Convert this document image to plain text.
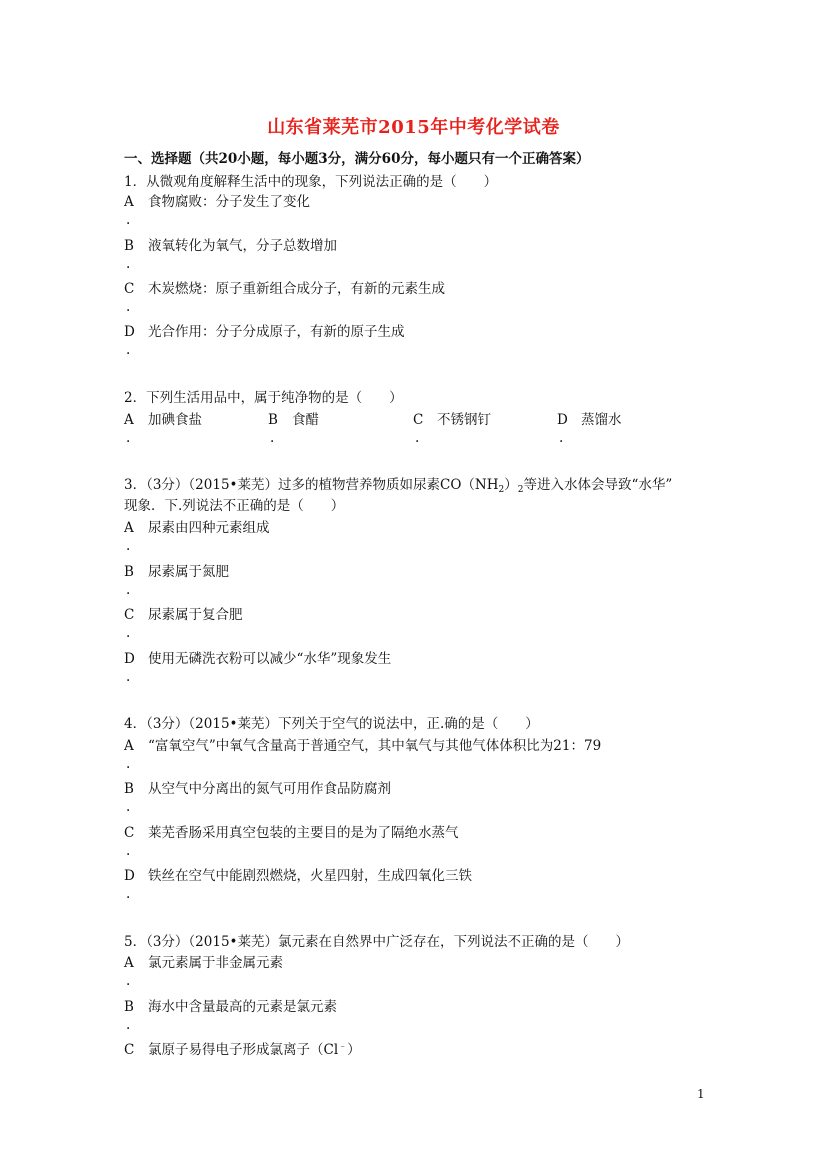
山东省莱芜市2015年中考化学试卷
一、选择题（共20小题，每小题3分，满分60分，每小题只有一个正确答案）
1．从微观角度解释生活中的现象，下列说法正确的是（　　）
A 食物腐败：分子发生了变化
.
B 液氧转化为氧气，分子总数增加
.
C 木炭燃烧：原子重新组合成分子，有新的元素生成
.
D 光合作用：分子分成原子，有新的原子生成
.
2．下列生活用品中，属于纯净物的是（　　）
A 加碘食盐
.
B 食醋
.
C 不锈钢钉
.
D 蒸馏水
.
3．（3分）（2015•莱芜）过多的植物营养物质如尿素$CO(NH_2)_2$等进入水体会导致“水华”
现象．下.列说法不正确的是（　　）
A 尿素由四种元素组成
.
B 尿素属于氮肥
.
C 尿素属于复合肥
.
D 使用无磷洗衣粉可以减少“水华”现象发生
.
4．（3分）（2015•莱芜）下列关于空气的说法中，正.确的是（　　）
A “富氧空气”中氧气含量高于普通空气，其中氧气与其他气体体积比为21：79
.
B 从空气中分离出的氮气可用作食品防腐剂
.
C 莱芜香肠采用真空包装的主要目的是为了隔绝水蒸气
.
D 铁丝在空气中能剧烈燃烧，火星四射，生成四氧化三铁
.
5．（3分）（2015•莱芜）氯元素在自然界中广泛存在，下列说法不正确的是（　　）
A 氯元素属于非金属元素
.
B 海水中含量最高的元素是氯元素
.
C 氯原子易得电子形成氯离子（Cl﹣）
1
